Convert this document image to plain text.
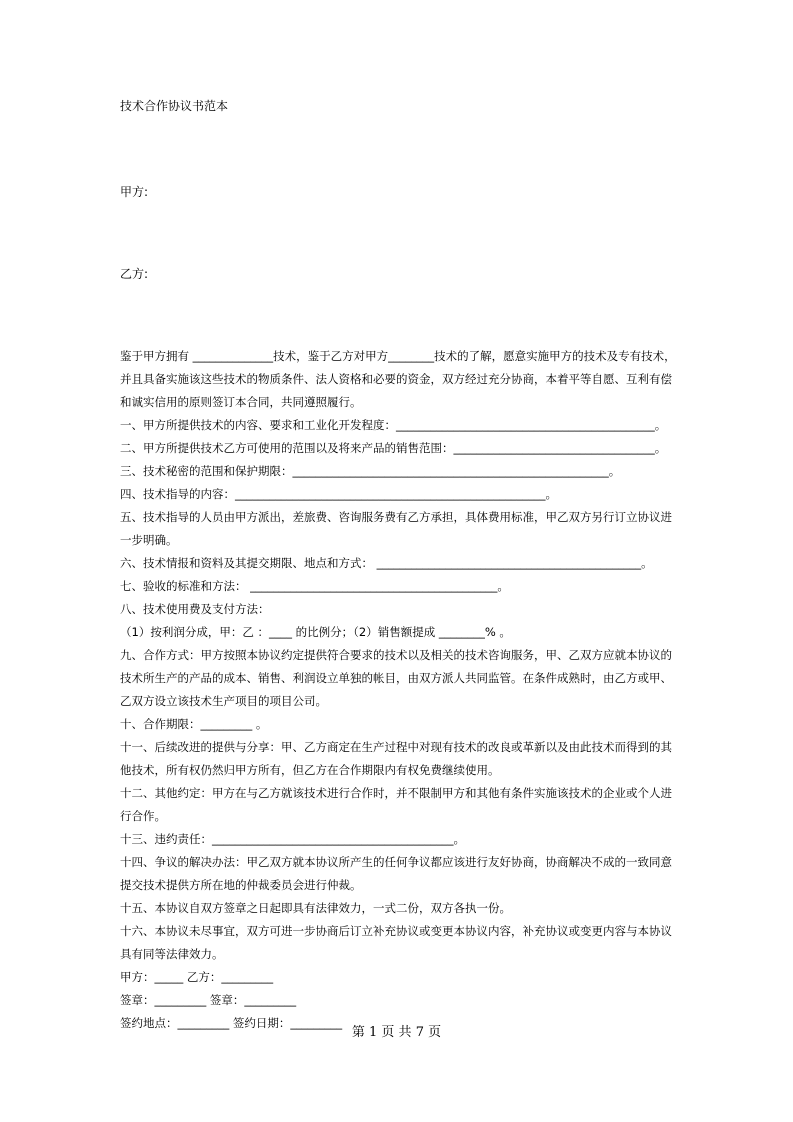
技术合作协议书范本
甲方:
乙方:

鉴于甲方拥有 ______________技术，鉴于乙方对甲方________技术的了解，愿意实施甲方的技术及专有技术，并且具备实施该这些技术的物质条件、法人资格和必要的资金，双方经过充分协商，本着平等自愿、互利有偿和诚实信用的原则签订本合同，共同遵照履行。

一、甲方所提供技术的内容、要求和工业化开发程度：_____________________________________________。

二、甲方所提供技术乙方可使用的范围以及将来产品的销售范围：___________________________________。

三、技术秘密的范围和保护期限：_______________________________________________________。

四、技术指导的内容：______________________________________________________。

五、技术指导的人员由甲方派出，差旅费、咨询服务费有乙方承担，具体费用标准，甲乙双方另行订立协议进一步明确。

六、技术情报和资料及其提交期限、地点和方式： ______________________________________________。

七、验收的标准和方法： ___________________________________________。

八、技术使用费及支付方法：

（1）按利润分成，甲：乙 ：____ 的比例分；（2）销售额提成 ________% 。

九、合作方式：甲方按照本协议约定提供符合要求的技术以及相关的技术咨询服务，甲、乙双方应就本协议的技术所生产的产品的成本、销售、利润设立单独的帐目，由双方派人共同监管。在条件成熟时，由乙方或甲、乙双方设立该技术生产项目的项目公司。

十、合作期限：_________ 。

十一、后续改进的提供与分享：甲、乙方商定在生产过程中对现有技术的改良或革新以及由此技术而得到的其他技术，所有权仍然归甲方所有，但乙方在合作期限内有权免费继续使用。

十二、其他约定：甲方在与乙方就该技术进行合作时，并不限制甲方和其他有条件实施该技术的企业或个人进行合作。

十三、违约责任：__________________________________________。

十四、争议的解决办法：甲乙双方就本协议所产生的任何争议都应该进行友好协商，协商解决不成的一致同意提交技术提供方所在地的仲裁委员会进行仲裁。

十五、本协议自双方签章之日起即具有法律效力，一式二份，双方各执一份。

十六、本协议未尽事宜，双方可进一步协商后订立补充协议或变更本协议内容，补充协议或变更内容与本协议具有同等法律效力。

甲方：_____ 乙方：_________

签章：_________ 签章：_________

签约地点：_________ 签约日期：_________

第 1 页 共 7 页
